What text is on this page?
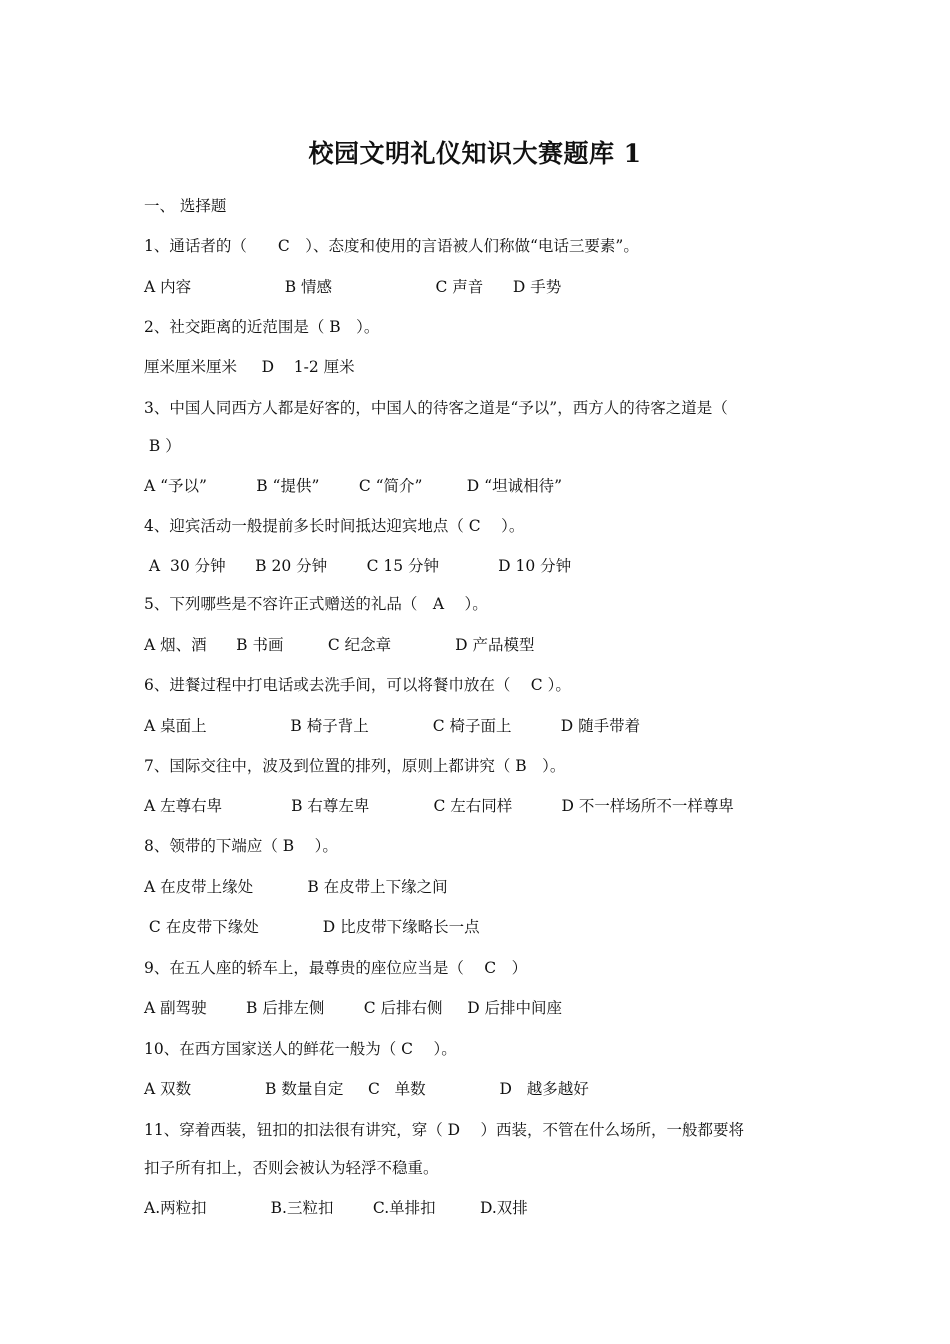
校园文明礼仪知识大赛题库 1
一、 选择题
1、通话者的（　　C　）、态度和使用的言语被人们称做“电话三要素”。
A 内容                   B 情感                     C 声音      D 手势
2、社交距离的近范围是（ B　）。
厘米厘米厘米     D    1-2 厘米
3、中国人同西方人都是好客的，中国人的待客之道是“予以”，西方人的待客之道是（
B ）
A “予以”          B “提供”        C “简介”         D “坦诚相待”
4、迎宾活动一般提前多长时间抵达迎宾地点（ C　 ）。
A  30 分钟      B 20 分钟        C 15 分钟            D 10 分钟
5、下列哪些是不容许正式赠送的礼品（　A　 ）。
A 烟、酒      B 书画         C 纪念章             D 产品模型
6、进餐过程中打电话或去洗手间，可以将餐巾放在（　 C ）。
A 桌面上                 B 椅子背上             C 椅子面上          D 随手带着
7、国际交往中，波及到位置的排列，原则上都讲究（ B　）。
A 左尊右卑              B 右尊左卑             C 左右同样          D 不一样场所不一样尊卑
8、领带的下端应（ B　 ）。
A 在皮带上缘处           B 在皮带上下缘之间
C 在皮带下缘处             D 比皮带下缘略长一点
9、在五人座的轿车上，最尊贵的座位应当是（　 C　）
A 副驾驶        B 后排左侧        C 后排右侧     D 后排中间座
10、在西方国家送人的鲜花一般为（ C　 ）。
A 双数               B 数量自定     C   单数               D   越多越好
11、穿着西装，钮扣的扣法很有讲究，穿（ D　 ）西装，不管在什么场所，一般都要将
扣子所有扣上，否则会被认为轻浮不稳重。
A.两粒扣             B.三粒扣        C.单排扣         D.双排
